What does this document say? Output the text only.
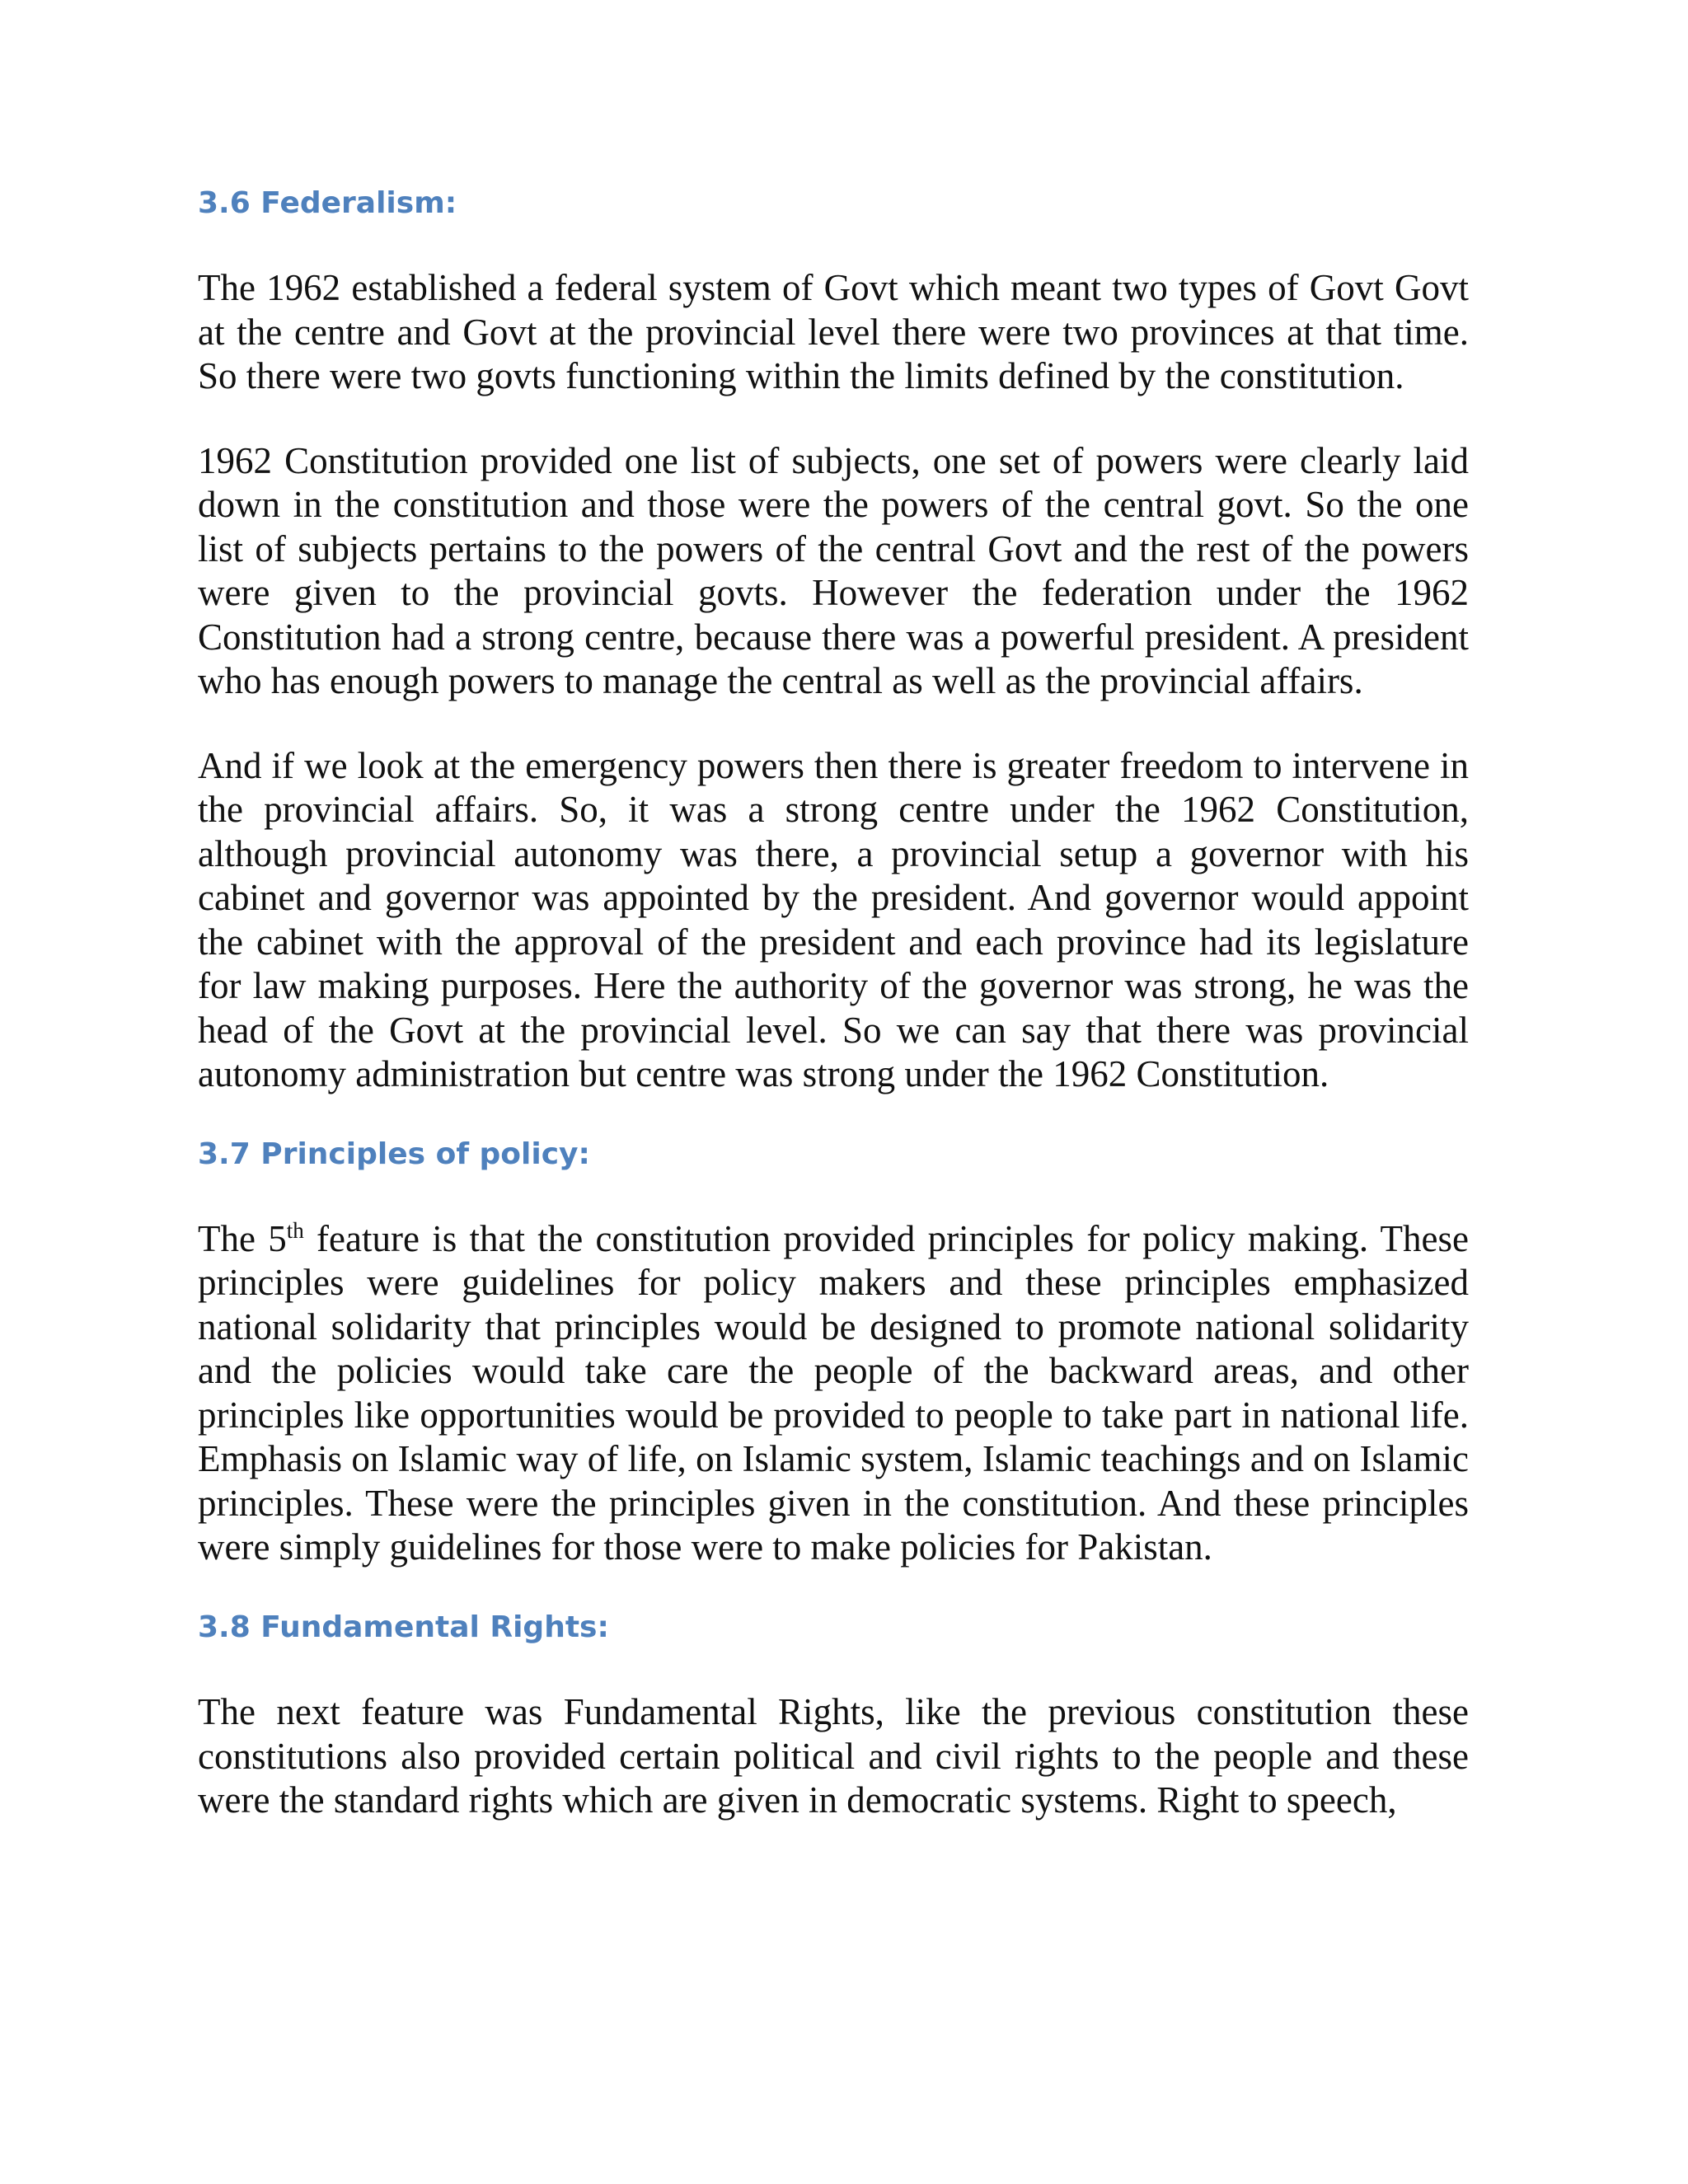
3.6 Federalism:

The 1962 established a federal system of Govt which meant two types of Govt Govt at the centre and Govt at the provincial level there were two provinces at that time. So there were two govts functioning within the limits defined by the constitution.

1962 Constitution provided one list of subjects, one set of powers were clearly laid down in the constitution and those were the powers of the central govt. So the one list of subjects pertains to the powers of the central Govt and the rest of the powers were given to the provincial govts. However the federation under the 1962 Constitution had a strong centre, because there was a powerful president. A president who has enough powers to manage the central as well as the provincial affairs.

And if we look at the emergency powers then there is greater freedom to intervene in the provincial affairs. So, it was a strong centre under the 1962 Constitution, although provincial autonomy was there, a provincial setup a governor with his cabinet and governor was appointed by the president. And governor would appoint the cabinet with the approval of the president and each province had its legislature for law making purposes. Here the authority of the governor was strong, he was the head of the Govt at the provincial level. So we can say that there was provincial autonomy administration but centre was strong under the 1962 Constitution.

3.7 Principles of policy:

The 5th feature is that the constitution provided principles for policy making. These principles were guidelines for policy makers and these principles emphasized national solidarity that principles would be designed to promote national solidarity and the policies would take care the people of the backward areas, and other principles like opportunities would be provided to people to take part in national life. Emphasis on Islamic way of life, on Islamic system, Islamic teachings and on Islamic principles. These were the principles given in the constitution. And these principles were simply guidelines for those were to make policies for Pakistan.

3.8 Fundamental Rights:

The next feature was Fundamental Rights, like the previous constitution these constitutions also provided certain political and civil rights to the people and these were the standard rights which are given in democratic systems. Right to speech,
